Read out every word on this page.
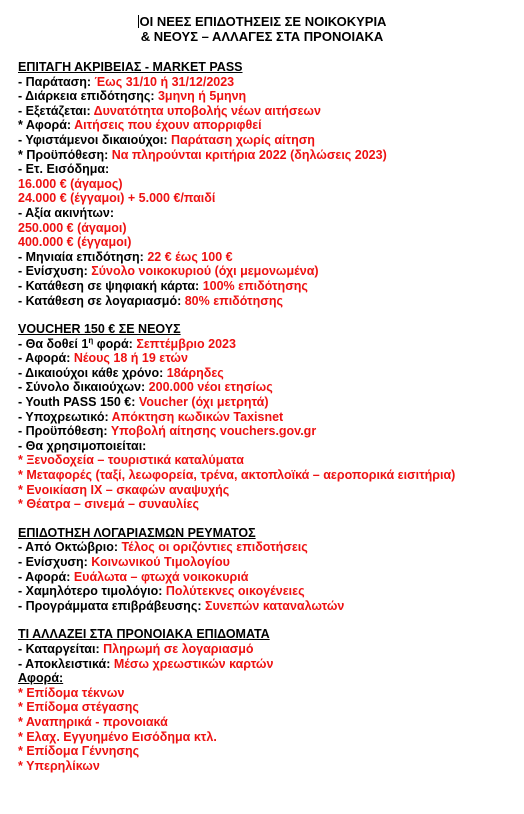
ΟΙ ΝΕΕΣ ΕΠΙΔΟΤΗΣΕΙΣ ΣΕ ΝΟΙΚΟΚΥΡΙΑ
& ΝΕΟΥΣ – ΑΛΛΑΓΕΣ ΣΤΑ ΠΡΟΝΟΙΑΚΑ
ΕΠΙΤΑΓΗ ΑΚΡΙΒΕΙΑΣ - MARKET PASS
- Παράταση: Έως 31/10 ή 31/12/2023
- Διάρκεια επιδότησης: 3μηνη ή 5μηνη
- Εξετάζεται: Δυνατότητα υποβολής νέων αιτήσεων
* Αφορά: Αιτήσεις που έχουν απορριφθεί
- Υφιστάμενοι δικαιούχοι: Παράταση χωρίς αίτηση
* Προϋπόθεση: Να πληρούνται κριτήρια 2022 (δηλώσεις 2023)
- Ετ. Εισόδημα:
16.000 € (άγαμος)
24.000 € (έγγαμοι) + 5.000 €/παιδί
- Αξία ακινήτων:
250.000 € (άγαμοι)
400.000 € (έγγαμοι)
- Μηνιαία επιδότηση: 22 € έως 100 €
- Ενίσχυση: Σύνολο νοικοκυριού (όχι μεμονωμένα)
- Κατάθεση σε ψηφιακή κάρτα: 100% επιδότησης
- Κατάθεση σε λογαριασμό: 80% επιδότησης
VOUCHER 150 € ΣΕ ΝΕΟΥΣ
- Θα δοθεί $1^\eta$ φορά: Σεπτέμβριο 2023
- Αφορά: Νέους 18 ή 19 ετών
- Δικαιούχοι κάθε χρόνο: 18άρηδες
- Σύνολο δικαιούχων: 200.000 νέοι ετησίως
- Youth PASS 150 €: Voucher (όχι μετρητά)
- Υποχρεωτικό: Απόκτηση κωδικών Taxisnet
- Προϋπόθεση: Υποβολή αίτησης vouchers.gov.gr
- Θα χρησιμοποιείται:
* Ξενοδοχεία – τουριστικά καταλύματα
* Μεταφορές (ταξί, λεωφορεία, τρένα, ακτοπλοϊκά – αεροπορικά εισιτήρια)
* Ενοικίαση ΙΧ – σκαφών αναψυχής
* Θέατρα – σινεμά – συναυλίες
ΕΠΙΔΟΤΗΣΗ ΛΟΓΑΡΙΑΣΜΩΝ ΡΕΥΜΑΤΟΣ
- Από Οκτώβριο: Τέλος οι οριζόντιες επιδοτήσεις
- Ενίσχυση: Κοινωνικού Τιμολογίου
- Αφορά: Ευάλωτα – φτωχά νοικοκυριά
- Χαμηλότερο τιμολόγιο: Πολύτεκνες οικογένειες
- Προγράμματα επιβράβευσης: Συνεπών καταναλωτών
ΤΙ ΑΛΛΑΖΕΙ ΣΤΑ ΠΡΟΝΟΙΑΚΑ ΕΠΙΔΟΜΑΤΑ
- Καταργείται: Πληρωμή σε λογαριασμό
- Αποκλειστικά: Μέσω χρεωστικών καρτών
Αφορά:
* Επίδομα τέκνων
* Επίδομα στέγασης
* Αναπηρικά - προνοιακά
* Ελαχ. Εγγυημένο Εισόδημα κτλ.
* Επίδομα Γέννησης
* Υπερηλίκων
